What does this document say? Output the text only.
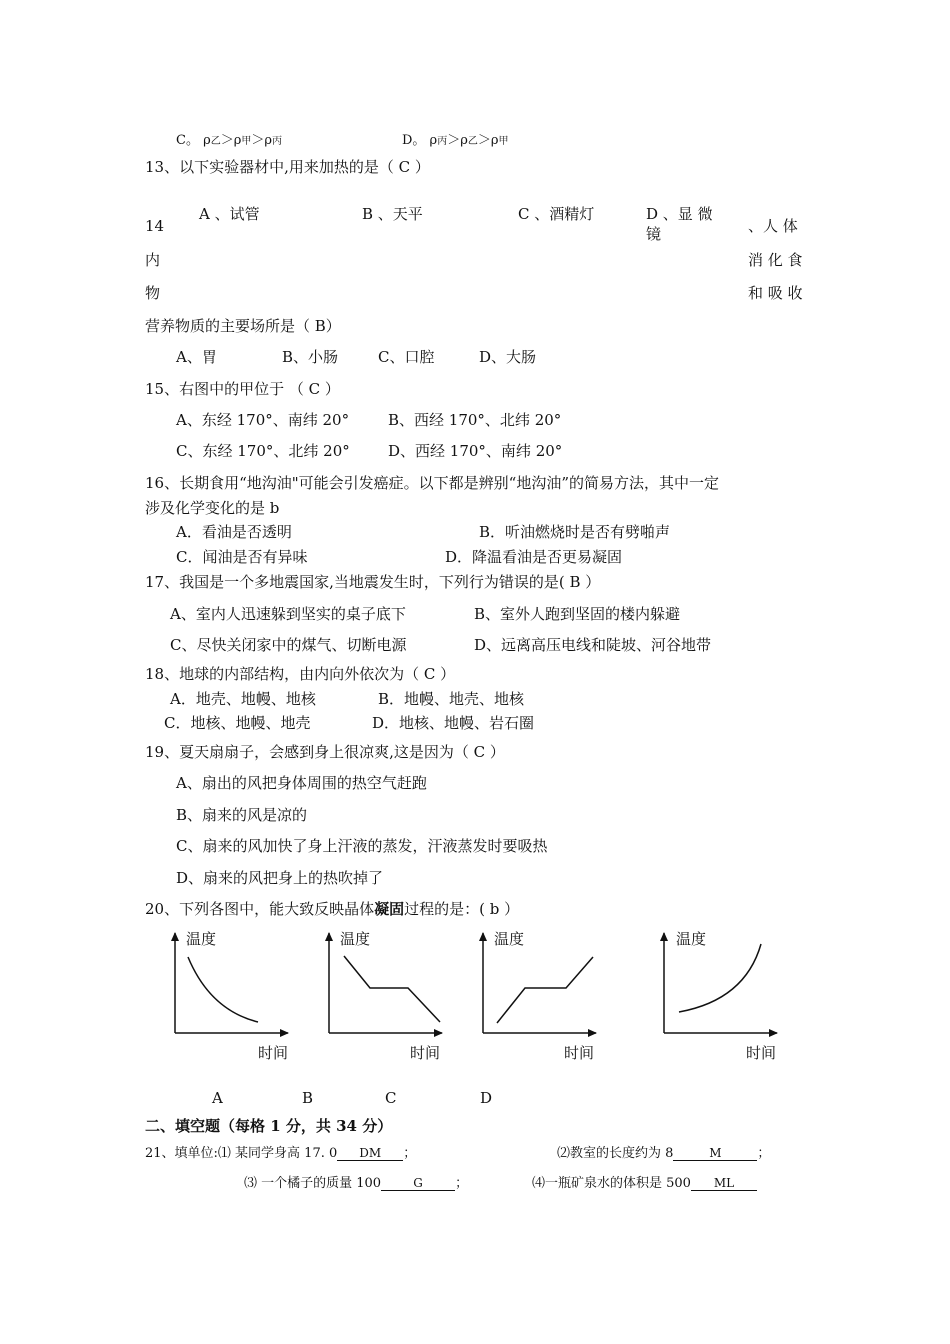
C。 ρ乙＞ρ甲＞ρ丙	D。 ρ丙＞ρ乙＞ρ甲
13、以下实验器材中,用来加热的是（ C ）
A 、试管	B 、天平	C 、酒精灯	D 、显 微
镜
14
内
物
、人 体
消 化 食
和 吸 收
营养物质的主要场所是（ B）
A、胃	B、小肠	C、口腔	D、大肠
15、右图中的甲位于 （ C ）
A、东经 170°、南纬 20°	B、西经 170°、北纬 20°
C、东经 170°、北纬 20°	D、西经 170°、南纬 20°
16、长期食用“地沟油"可能会引发癌症。以下都是辨别“地沟油”的简易方法，其中一定
涉及化学变化的是 b
A．看油是否透明	B．听油燃烧时是否有劈啪声
C．闻油是否有异味	D．降温看油是否更易凝固
17、我国是一个多地震国家,当地震发生时，下列行为错误的是( B ）
A、室内人迅速躲到坚实的桌子底下	B、室外人跑到坚固的楼内躲避
C、尽快关闭家中的煤气、切断电源	D、远离高压电线和陡坡、河谷地带
18、地球的内部结构，由内向外依次为（ C ）
A．地壳、地幔、地核	B．地幔、地壳、地核
C．地核、地幔、地壳	D．地核、地幔、岩石圈
19、夏天扇扇子，会感到身上很凉爽,这是因为（ C ）
A、扇出的风把身体周围的热空气赶跑
B、扇来的风是凉的
C、扇来的风加快了身上汗液的蒸发，汗液蒸发时要吸热
D、扇来的风把身上的热吹掉了
20、下列各图中，能大致反映晶体凝固过程的是：( b ）
温度
时间
温度
时间
温度
时间
温度
时间
A	B	C	D
二、填空题（每格 1 分，共 34 分）
21、填单位:⑴ 某同学身高 17. 0 DM ；	⑵教室的长度约为 8	M	；
⑶ 一个橘子的质量 100	G ；	⑷一瓶矿泉水的体积是 500 ML
